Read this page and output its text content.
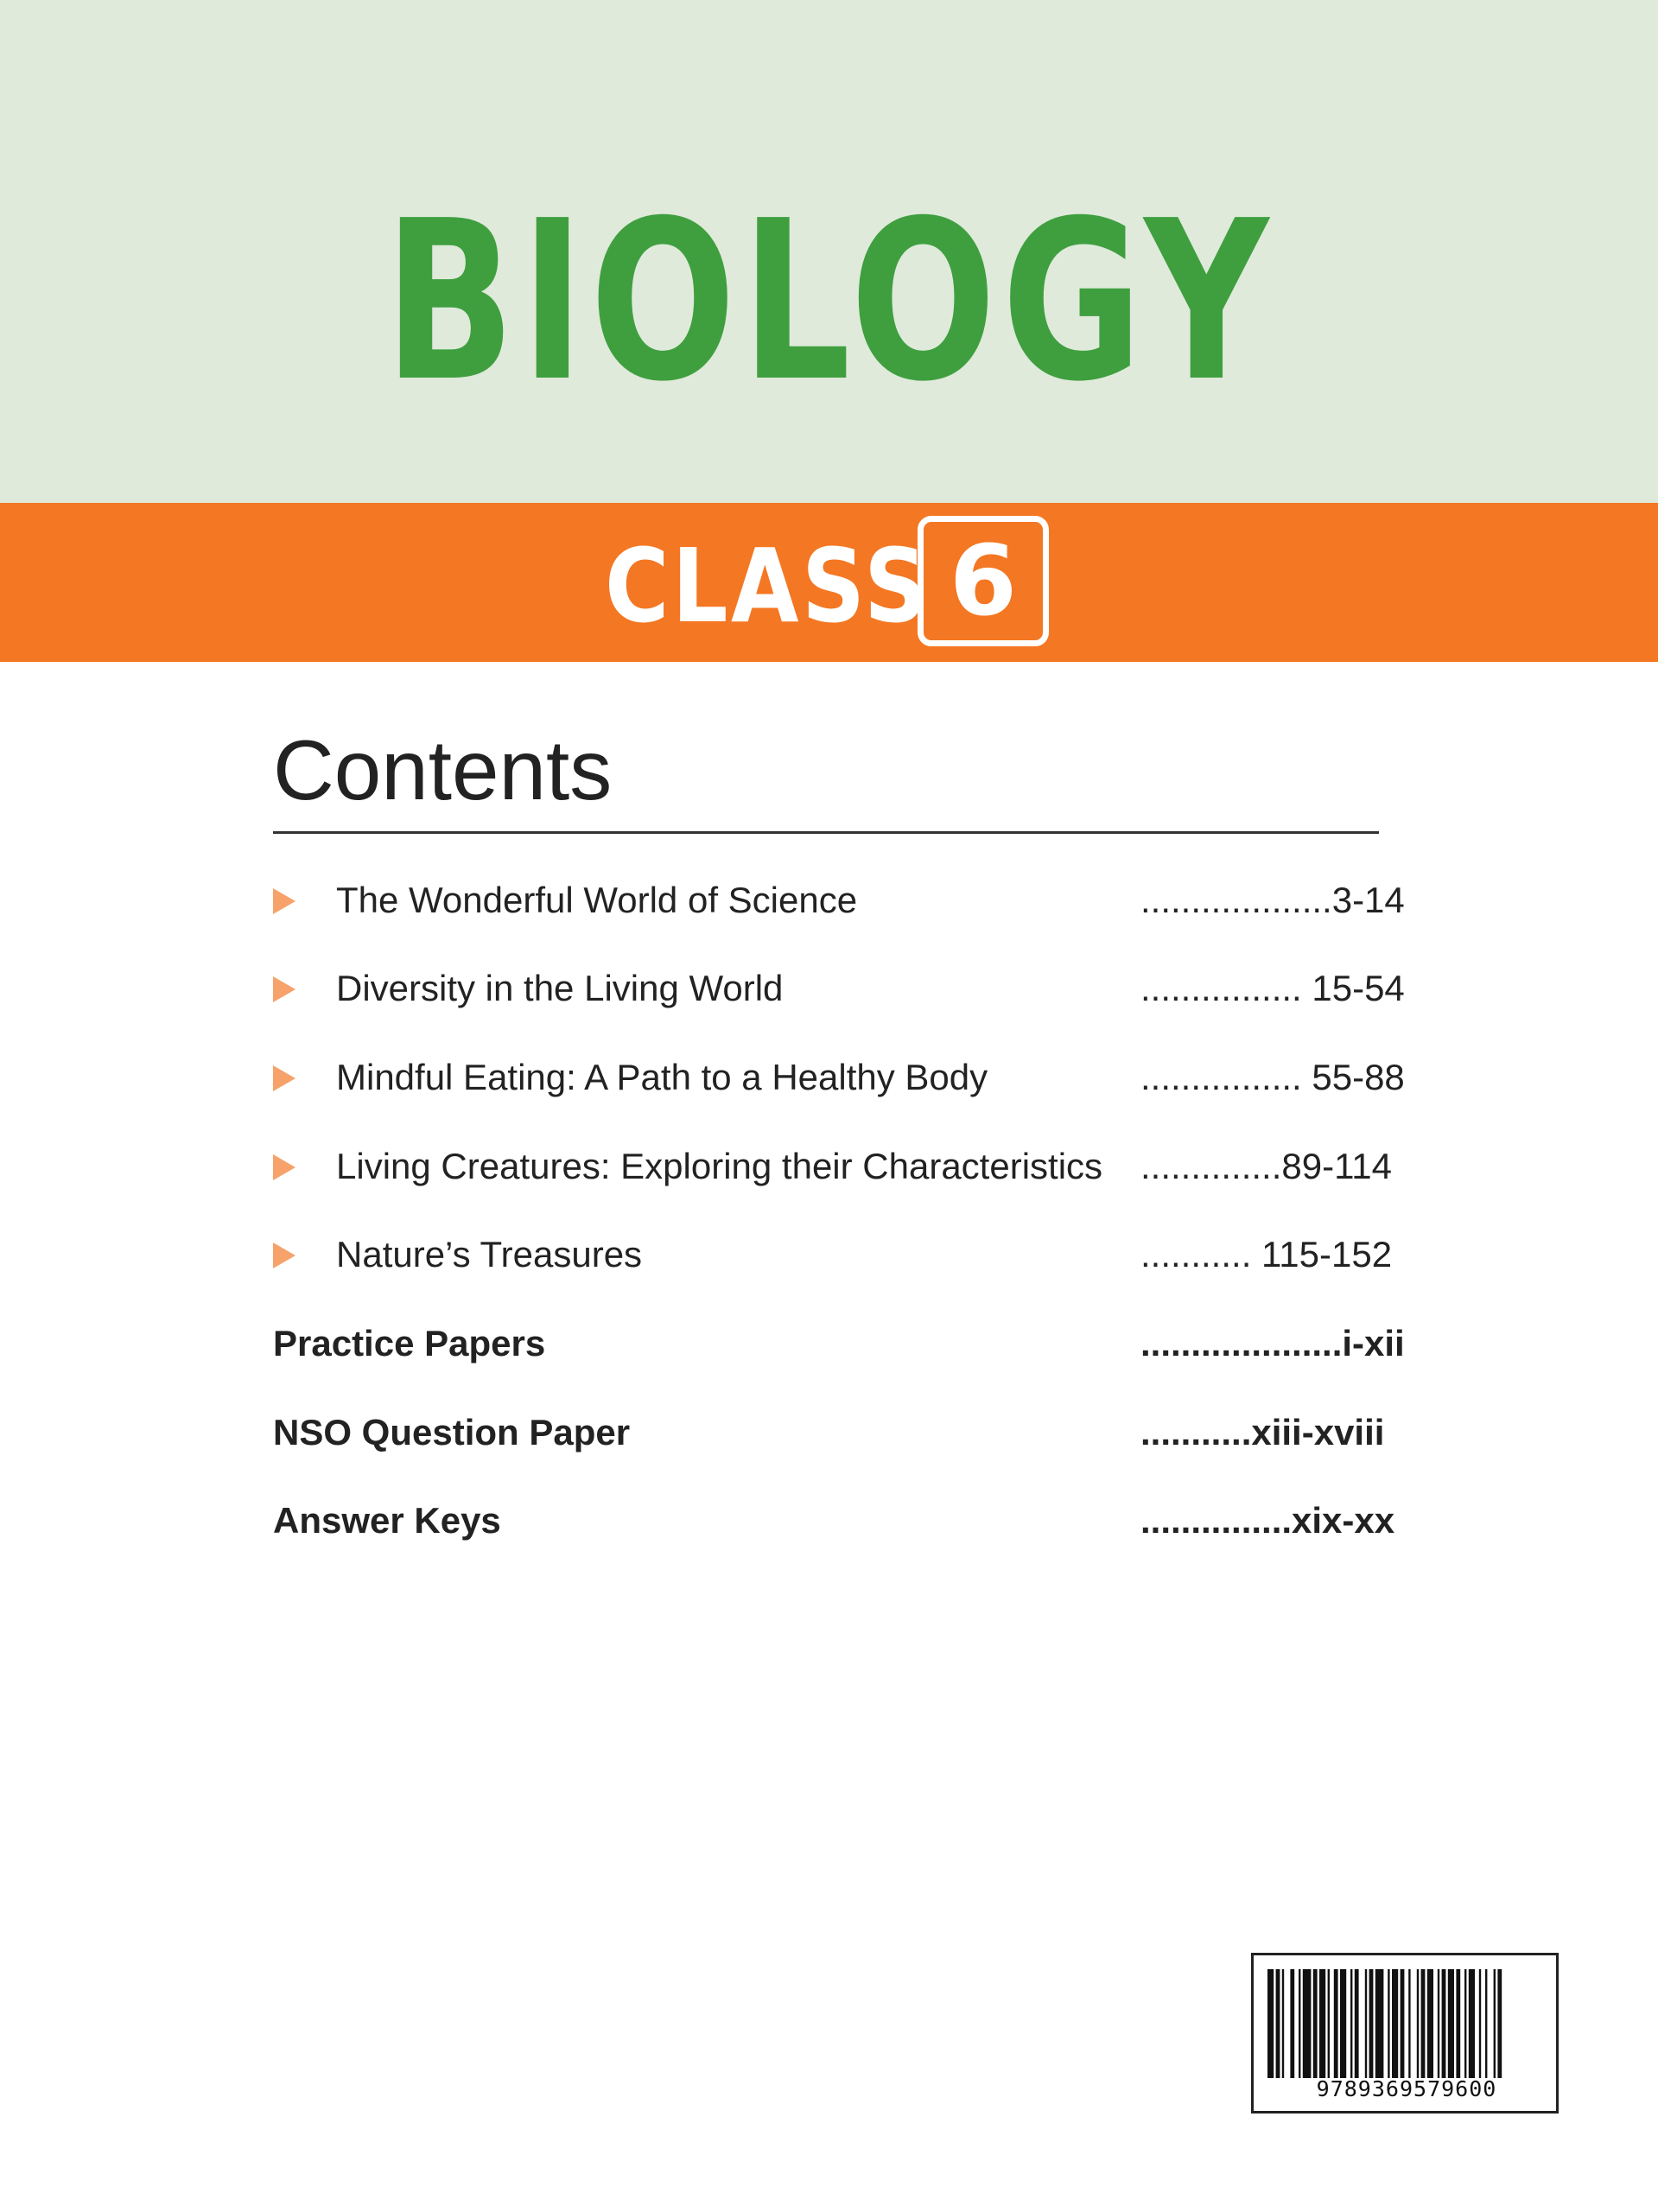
BIOLOGY
CLASS 6
Contents
The Wonderful World of Science	...................3-14
Diversity in the Living World	................ 15-54
Mindful Eating: A Path to a Healthy Body	................ 55-88
Living Creatures: Exploring their Characteristics ..............89-114
Nature’s Treasures	........... 115-152
Practice Papers	....................i-xii
NSO Question Paper	...........xiii-xviii
Answer Keys	...............xix-xx
9789369579600
